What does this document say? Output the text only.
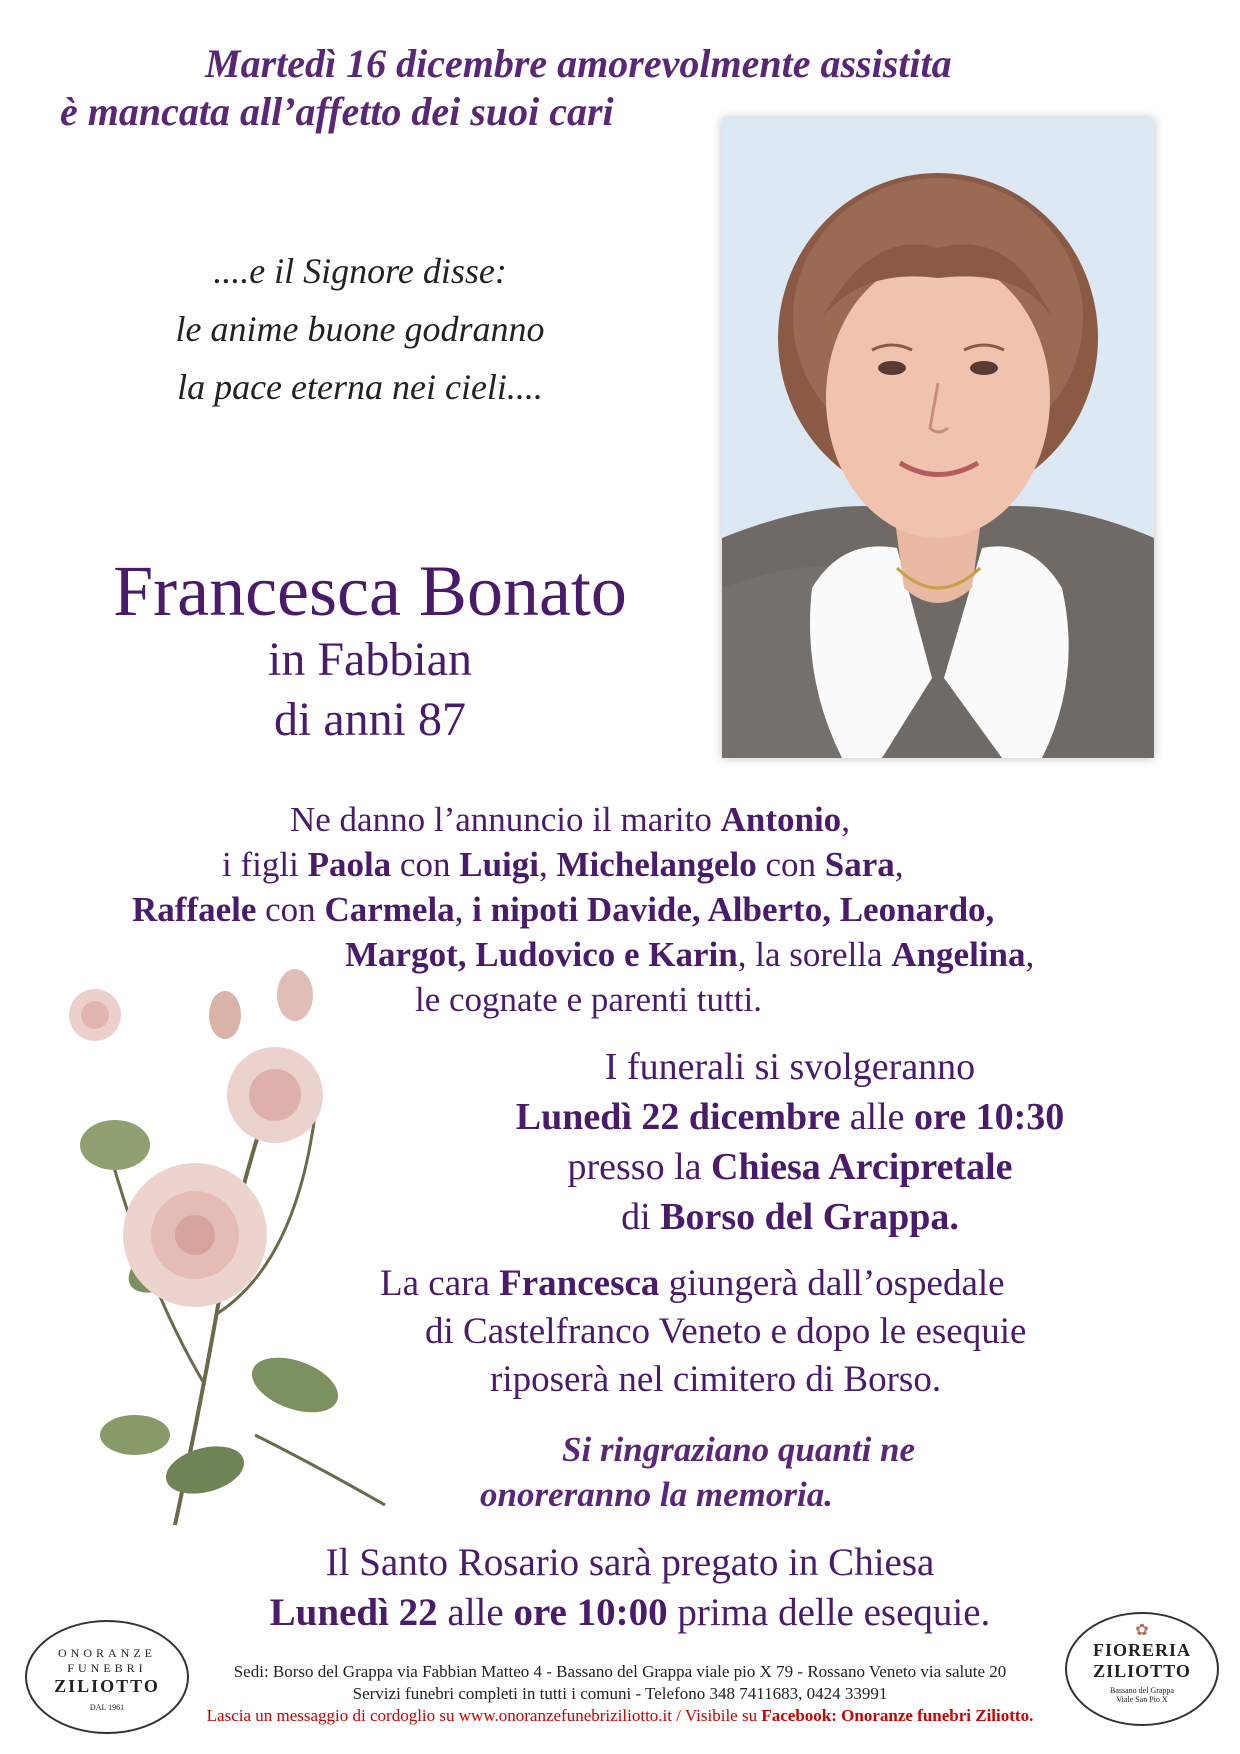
Martedì 16 dicembre amorevolmente assistita
è mancata all’affetto dei suoi cari
....e il Signore disse:
le anime buone godranno
la pace eterna nei cieli....
Francesca Bonato
in Fabbian
di anni 87
Ne danno l’annuncio il marito Antonio,
i figli Paola con Luigi, Michelangelo con Sara,
Raffaele con Carmela, i nipoti Davide, Alberto, Leonardo,
Margot, Ludovico e Karin, la sorella Angelina,
le cognate e parenti tutti.
I funerali si svolgeranno
Lunedì 22 dicembre alle ore 10:30
presso la Chiesa Arcipretale
di Borso del Grappa.
La cara Francesca giungerà dall’ospedale
di Castelfranco Veneto e dopo le esequie
riposerà nel cimitero di Borso.
Si ringraziano quanti ne
onoreranno la memoria.
Il Santo Rosario sarà pregato in Chiesa
Lunedì 22 alle ore 10:00 prima delle esequie.
ONORANZE
FUNEBRI
ZILIOTTO
DAL 1961
Sedi: Borso del Grappa via Fabbian Matteo 4 - Bassano del Grappa viale pio X 79 - Rossano Veneto via salute 20
Servizi funebri completi in tutti i comuni - Telefono 348 7411683, 0424 33991
Lascia un messaggio di cordoglio su www.onoranzefunebriziliotto.it / Visibile su Facebook: Onoranze funebri Ziliotto.
✿
FIORERIA
ZILIOTTO
Bassano del Grappa
Viale San Pio X
